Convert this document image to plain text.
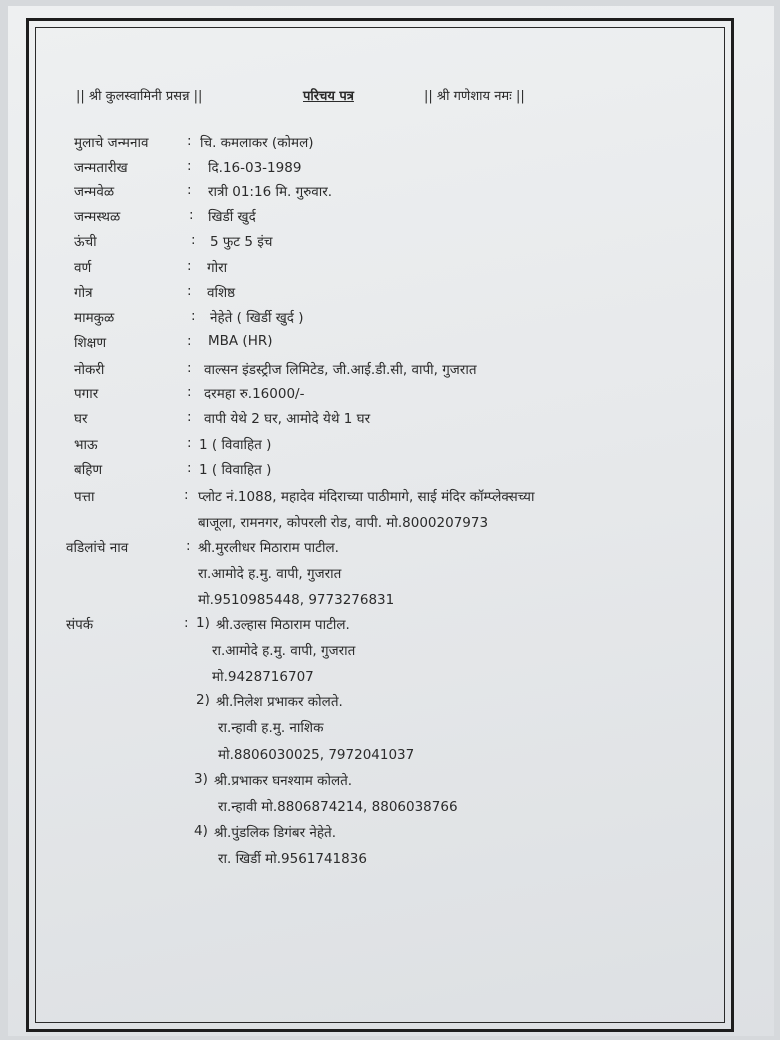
|| श्री कुलस्वामिनी प्रसन्न ||	परिचय पत्र	|| श्री गणेशाय नमः ||
मुलाचे जन्मनाव	: चि. कमलाकर (कोमल)
जन्मतारीख	: दि.16-03-1989
जन्मवेळ	: रात्री 01:16 मि. गुरुवार.
जन्मस्थळ	: खिर्डी खुर्द
ऊंची	: 5 फुट 5 इंच
वर्ण	: गोरा
गोत्र	: वशिष्ठ
मामकुळ	: नेहेते ( खिर्डी खुर्द )
शिक्षण	: MBA (HR)
नोकरी	: वाल्सन इंडस्ट्रीज लिमिटेड, जी.आई.डी.सी, वापी, गुजरात
पगार	: दरमहा रु.16000/-
घर	: वापी येथे 2 घर, आमोदे येथे 1 घर
भाऊ	: 1 ( विवाहित )
बहिण	: 1 ( विवाहित )
पत्ता	: प्लोट नं.1088, महादेव मंदिराच्या पाठीमागे, साई मंदिर कॉम्प्लेक्सच्या
बाजूला, रामनगर, कोपरली रोड, वापी. मो.8000207973
वडिलांचे नाव	: श्री.मुरलीधर मिठाराम पाटील.
रा.आमोदे ह.मु. वापी, गुजरात
मो.9510985448, 9773276831
संपर्क	: 1) श्री.उल्हास मिठाराम पाटील.
रा.आमोदे ह.मु. वापी, गुजरात
मो.9428716707
2) श्री.निलेश प्रभाकर कोलते.
रा.न्हावी ह.मु. नाशिक
मो.8806030025, 7972041037
3) श्री.प्रभाकर घनश्याम कोलते.
रा.न्हावी मो.8806874214, 8806038766
4) श्री.पुंडलिक डिगंबर नेहेते.
रा. खिर्डी मो.9561741836
